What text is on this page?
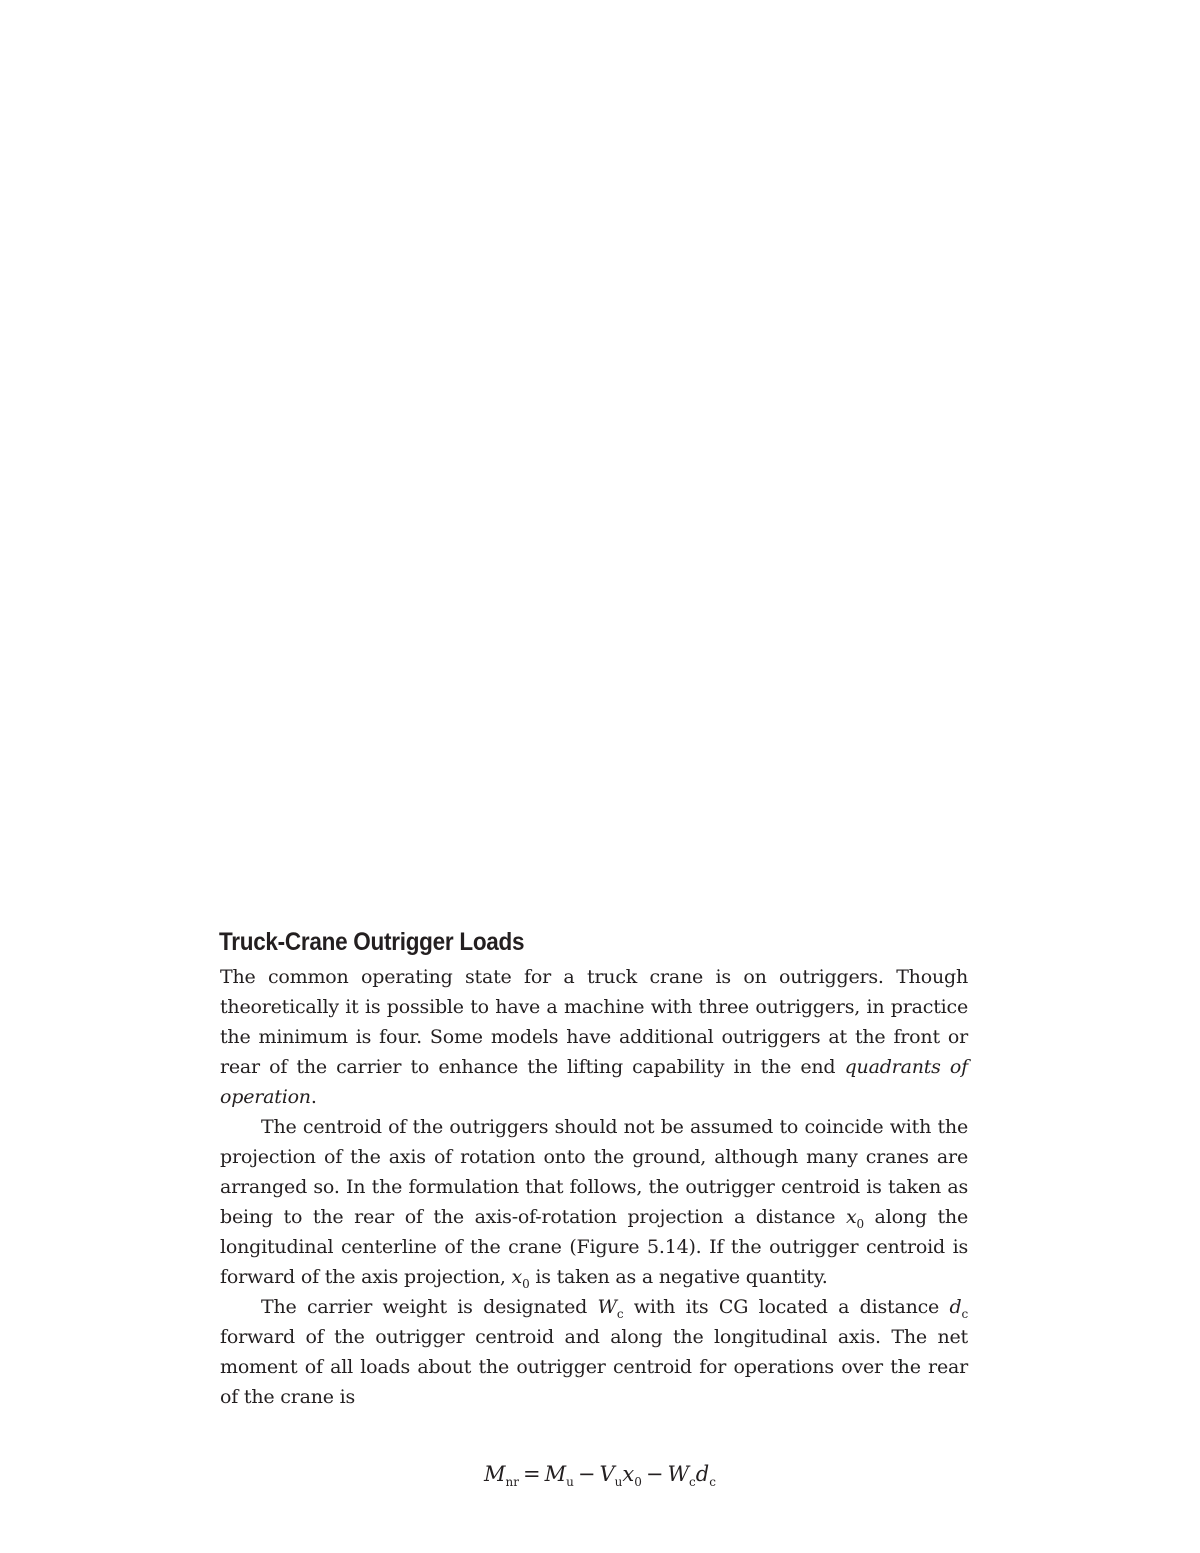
Truck-Crane Outrigger Loads

The common operating state for a truck crane is on outriggers. Though theoretically it is possible to have a machine with three outriggers, in practice the minimum is four. Some models have additional outriggers at the front or rear of the carrier to enhance the lifting capability in the end quadrants of operation.

The centroid of the outriggers should not be assumed to coincide with the projection of the axis of rotation onto the ground, although many cranes are arranged so. In the formulation that follows, the outrigger centroid is taken as being to the rear of the axis-of-rotation projection a distance $x_0$ along the longitudinal centerline of the crane (Figure 5.14). If the outrigger centroid is forward of the axis projection, $x_0$ is taken as a negative quantity.

The carrier weight is designated $W_c$ with its CG located a distance $d_c$ forward of the outrigger centroid and along the longitudinal axis. The net moment of all loads about the outrigger centroid for operations over the rear of the crane is

$M_{nr} = M_u - V_ux_0 - W_cd_c$
